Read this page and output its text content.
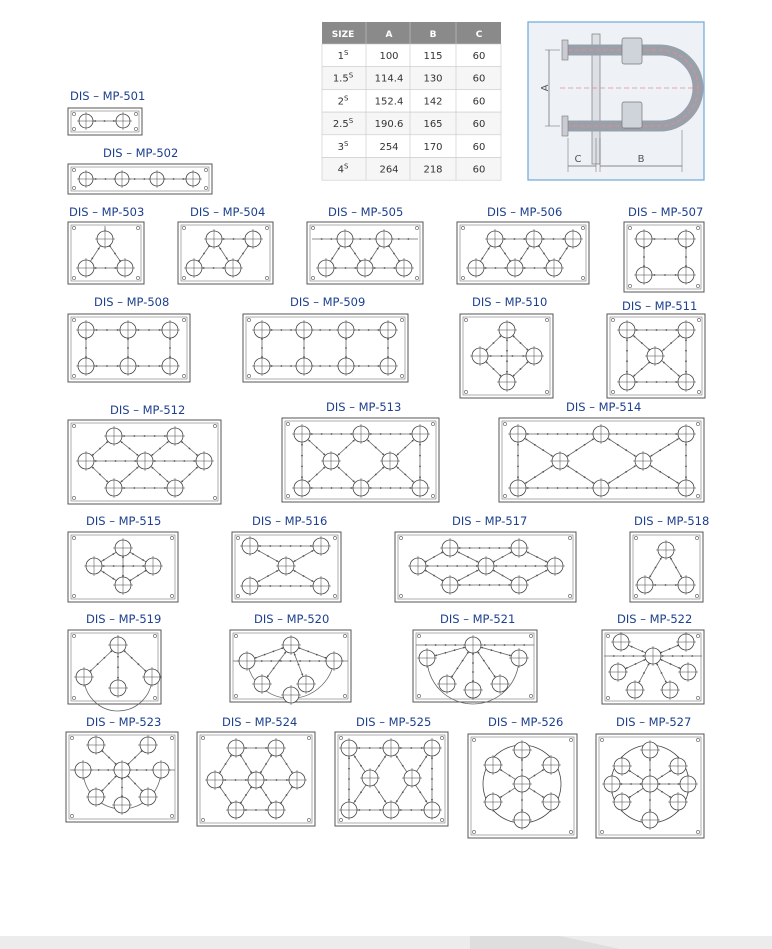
SIZE	A	B	C
$1^S$	100 115	60
$1.5^S$ 114.4 130	60
$2^S$	152.4 142	60
$2.5^S$ 190.6 165	60
$3^S$	254 170	60
$4^S$	264 218	60
A
C	B
DIS – MP-501
DIS – MP-502
DIS – MP-503	DIS – MP-504	DIS – MP-505	DIS – MP-506	DIS – MP-507
DIS – MP-508	DIS – MP-509	DIS – MP-510	DIS – MP-511
DIS – MP-512	DIS – MP-513	DIS – MP-514
DIS – MP-515	DIS – MP-516	DIS – MP-517	DIS – MP-518
DIS – MP-519	DIS – MP-520	DIS – MP-521	DIS – MP-522
DIS – MP-523	DIS – MP-524	DIS – MP-525	DIS – MP-526	DIS – MP-527
